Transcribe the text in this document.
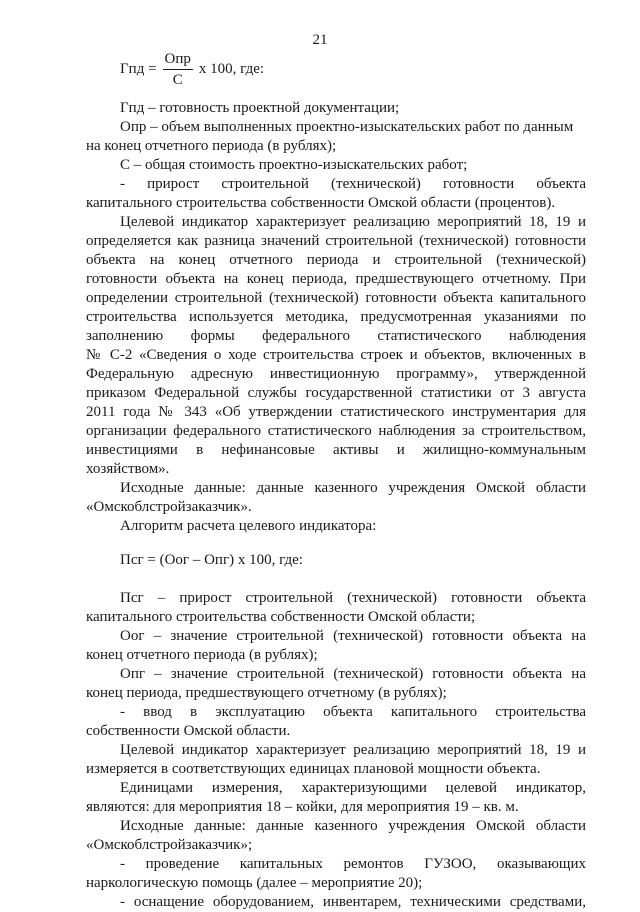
21
Гпд = $\frac{\text{Опр}}{С}$ x 100, где:
Гпд – готовность проектной документации;
Опр – объем выполненных проектно-изыскательских работ по данным
на конец отчетного периода (в рублях);
С – общая стоимость проектно-изыскательских работ;
- прирост строительной (технической) готовности объекта
капитального строительства собственности Омской области (процентов).
Целевой индикатор характеризует реализацию мероприятий 18, 19 и
определяется как разница значений строительной (технической) готовности
объекта на конец отчетного периода и строительной (технической)
готовности объекта на конец периода, предшествующего отчетному. При
определении строительной (технической) готовности объекта капитального
строительства используется методика, предусмотренная указаниями по
заполнению формы федерального статистического наблюдения
№ С-2 «Сведения о ходе строительства строек и объектов, включенных в
Федеральную адресную инвестиционную программу», утвержденной
приказом Федеральной службы государственной статистики от 3 августа
2011 года № 343 «Об утверждении статистического инструментария для
организации федерального статистического наблюдения за строительством,
инвестициями в нефинансовые активы и жилищно-коммунальным
хозяйством».
Исходные данные: данные казенного учреждения Омской области
«Омскоблстройзаказчик».
Алгоритм расчета целевого индикатора:
Пcг = (Оог – Опг) x 100, где:
Псг – прирост строительной (технической) готовности объекта
капитального строительства собственности Омской области;
Оог – значение строительной (технической) готовности объекта на
конец отчетного периода (в рублях);
Опг – значение строительной (технической) готовности объекта на
конец периода, предшествующего отчетному (в рублях);
- ввод в эксплуатацию объекта капитального строительства
собственности Омской области.
Целевой индикатор характеризует реализацию мероприятий 18, 19 и
измеряется в соответствующих единицах плановой мощности объекта.
Единицами измерения, характеризующими целевой индикатор,
являются: для мероприятия 18 – койки, для мероприятия 19 – кв. м.
Исходные данные: данные казенного учреждения Омской области
«Омскоблстройзаказчик»;
- проведение капитальных ремонтов ГУЗОО, оказывающих
наркологическую помощь (далее – мероприятие 20);
- оснащение оборудованием, инвентарем, техническими средствами,
